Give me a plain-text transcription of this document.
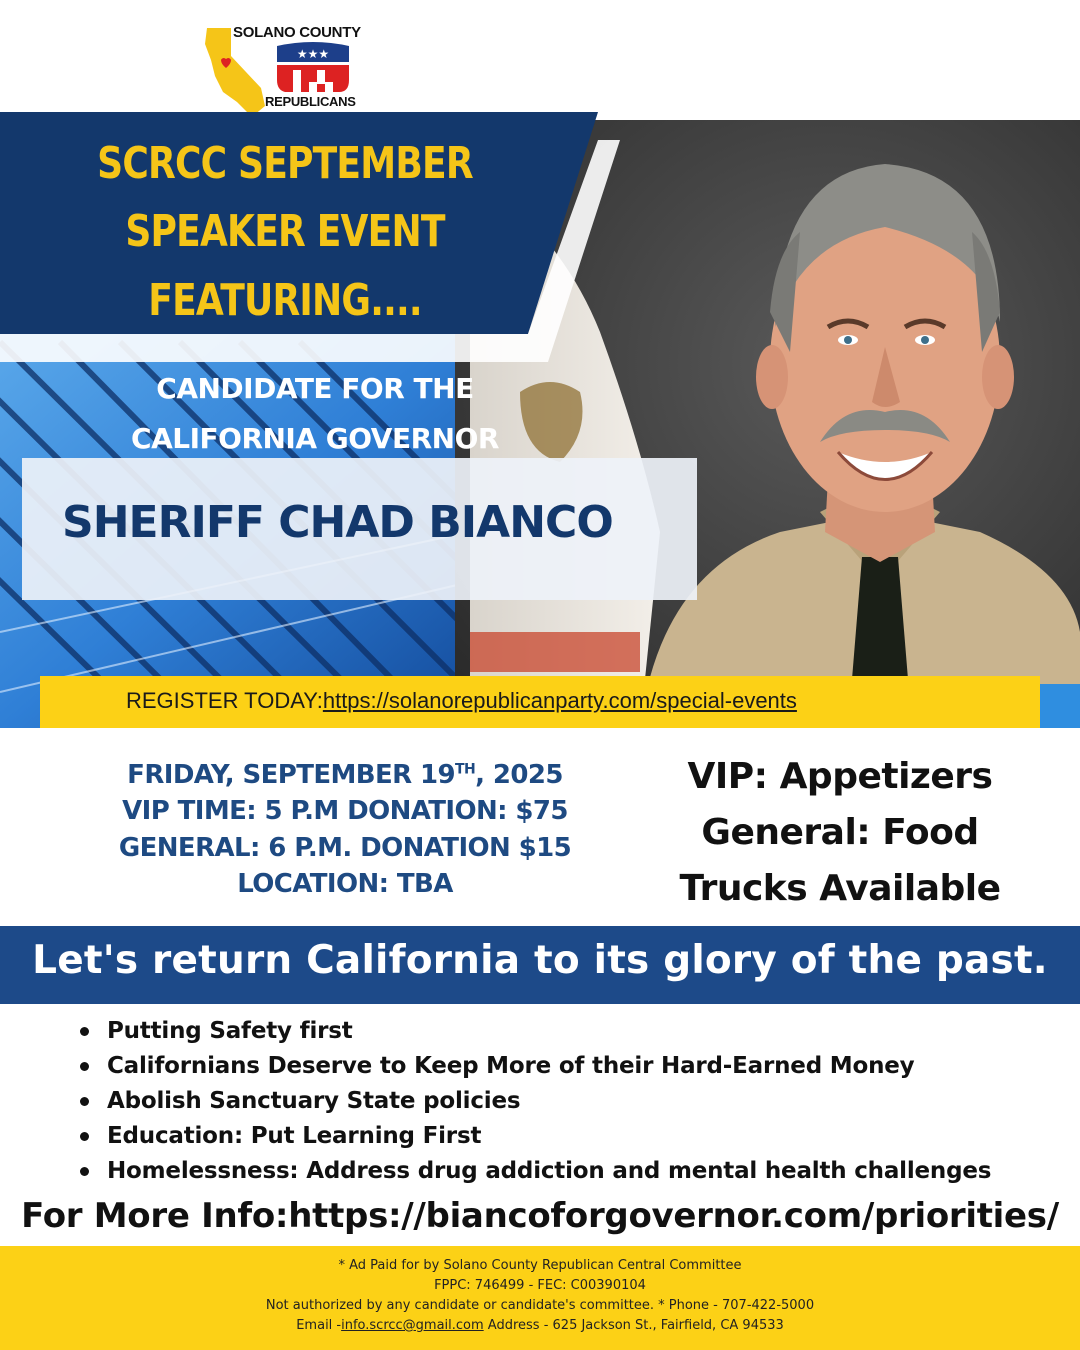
SOLANO COUNTY
★★★
REPUBLICANS
SCRCC SEPTEMBER
SPEAKER EVENT
FEATURING....
CANDIDATE FOR THE
CALIFORNIA GOVERNOR
SHERIFF CHAD BIANCO
REGISTER TODAY:https://solanorepublicanparty.com/special-events
FRIDAY, SEPTEMBER 19TH, 2025
VIP TIME: 5 P.M DONATION: $75
GENERAL: 6 P.M. DONATION $15
LOCATION: TBA
VIP: Appetizers
General: Food
Trucks Available
Let's return California to its glory of the past.
Putting Safety first
Californians Deserve to Keep More of their Hard-Earned Money
Abolish Sanctuary State policies
Education: Put Learning First
Homelessness: Address drug addiction and mental health challenges
For More Info:https://biancoforgovernor.com/priorities/
* Ad Paid for by Solano County Republican Central Committee
FPPC: 746499 - FEC: C00390104
Not authorized by any candidate or candidate's committee. * Phone - 707-422-5000
Email -info.scrcc@gmail.com Address - 625 Jackson St., Fairfield, CA 94533
